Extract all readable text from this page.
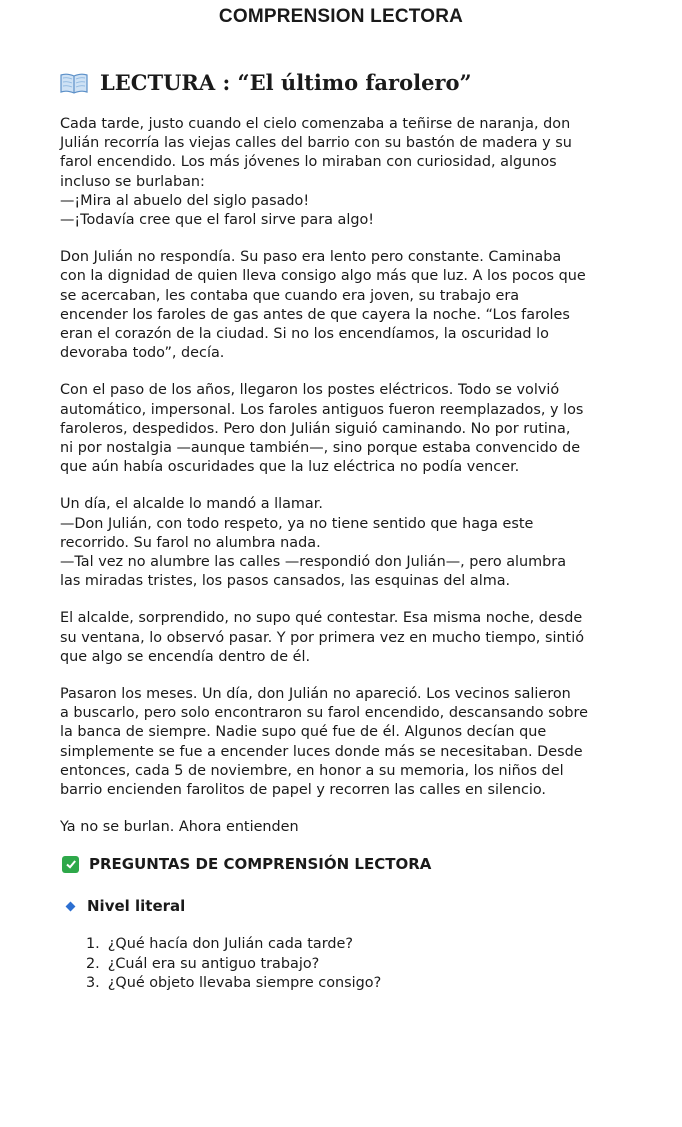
COMPRENSION LECTORA
LECTURA : “El último farolero”

Cada tarde, justo cuando el cielo comenzaba a teñirse de naranja, don
Julián recorría las viejas calles del barrio con su bastón de madera y su
farol encendido. Los más jóvenes lo miraban con curiosidad, algunos
incluso se burlaban:
—¡Mira al abuelo del siglo pasado!
—¡Todavía cree que el farol sirve para algo!

Don Julián no respondía. Su paso era lento pero constante. Caminaba
con la dignidad de quien lleva consigo algo más que luz. A los pocos que
se acercaban, les contaba que cuando era joven, su trabajo era
encender los faroles de gas antes de que cayera la noche. “Los faroles
eran el corazón de la ciudad. Si no los encendíamos, la oscuridad lo
devoraba todo”, decía.

Con el paso de los años, llegaron los postes eléctricos. Todo se volvió
automático, impersonal. Los faroles antiguos fueron reemplazados, y los
faroleros, despedidos. Pero don Julián siguió caminando. No por rutina,
ni por nostalgia —aunque también—, sino porque estaba convencido de
que aún había oscuridades que la luz eléctrica no podía vencer.

Un día, el alcalde lo mandó a llamar.
—Don Julián, con todo respeto, ya no tiene sentido que haga este
recorrido. Su farol no alumbra nada.
—Tal vez no alumbre las calles —respondió don Julián—, pero alumbra
las miradas tristes, los pasos cansados, las esquinas del alma.

El alcalde, sorprendido, no supo qué contestar. Esa misma noche, desde
su ventana, lo observó pasar. Y por primera vez en mucho tiempo, sintió
que algo se encendía dentro de él.

Pasaron los meses. Un día, don Julián no apareció. Los vecinos salieron
a buscarlo, pero solo encontraron su farol encendido, descansando sobre
la banca de siempre. Nadie supo qué fue de él. Algunos decían que
simplemente se fue a encender luces donde más se necesitaban. Desde
entonces, cada 5 de noviembre, en honor a su memoria, los niños del
barrio encienden farolitos de papel y recorren las calles en silencio.

Ya no se burlan. Ahora entienden

PREGUNTAS DE COMPRENSIÓN LECTORA
Nivel literal
1. ¿Qué hacía don Julián cada tarde?
2. ¿Cuál era su antiguo trabajo?
3. ¿Qué objeto llevaba siempre consigo?
